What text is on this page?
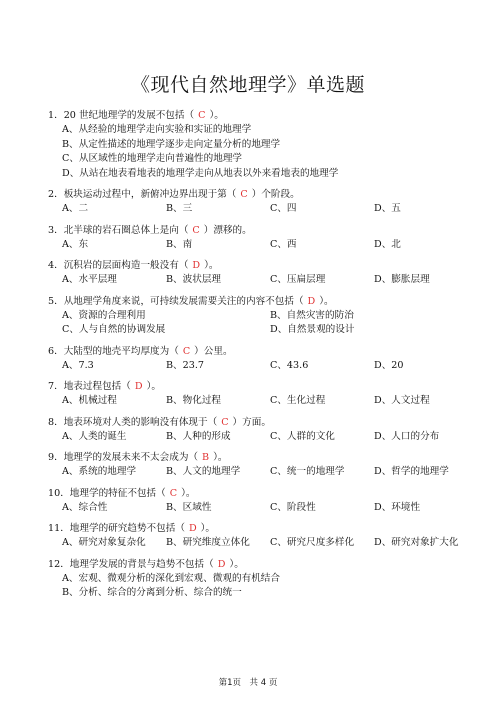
《现代自然地理学》单选题
1．20 世纪地理学的发展不包括（ C ）。
A、从经验的地理学走向实验和实证的地理学
B、从定性描述的地理学逐步走向定量分析的地理学
C、从区域性的地理学走向普遍性的地理学
D、从站在地表看地表的地理学走向从地表以外来看地表的地理学
2．板块运动过程中，新俯冲边界出现于第（ C ）个阶段。
A、二	B、三	C、四	D、五
3．北半球的岩石圈总体上是向（ C ）漂移的。
A、东	B、南	C、西	D、北
4．沉积岩的层面构造一般没有（ D ）。
A、水平层理	B、波状层理	C、压扁层理	D、膨胀层理
5．从地理学角度来说，可持续发展需要关注的内容不包括（ D ）。
A、资源的合理利用	B、自然灾害的防治
C、人与自然的协调发展	D、自然景观的设计
6．大陆型的地壳平均厚度为（ C ）公里。
A、7.3	B、23.7	C、43.6	D、20
7．地表过程包括（ D ）。
A、机械过程	B、物化过程	C、生化过程	D、人文过程
8．地表环境对人类的影响没有体现于（ C ）方面。
A、人类的诞生	B、人种的形成	C、人群的文化	D、人口的分布
9．地理学的发展未来不太会成为（ B ）。
A、系统的地理学	B、人文的地理学	C、统一的地理学	D、哲学的地理学
10．地理学的特征不包括（ C ）。
A、综合性	B、区域性	C、阶段性	D、环境性
11．地理学的研究趋势不包括（ D ）。
A、研究对象复杂化	B、研究维度立体化	C、研究尺度多样化	D、研究对象扩大化
12．地理学发展的背景与趋势不包括（ D ）。
A、宏观、微观分析的深化到宏观、微观的有机结合
B、分析、综合的分离到分析、综合的统一
第1页　共 4 页
